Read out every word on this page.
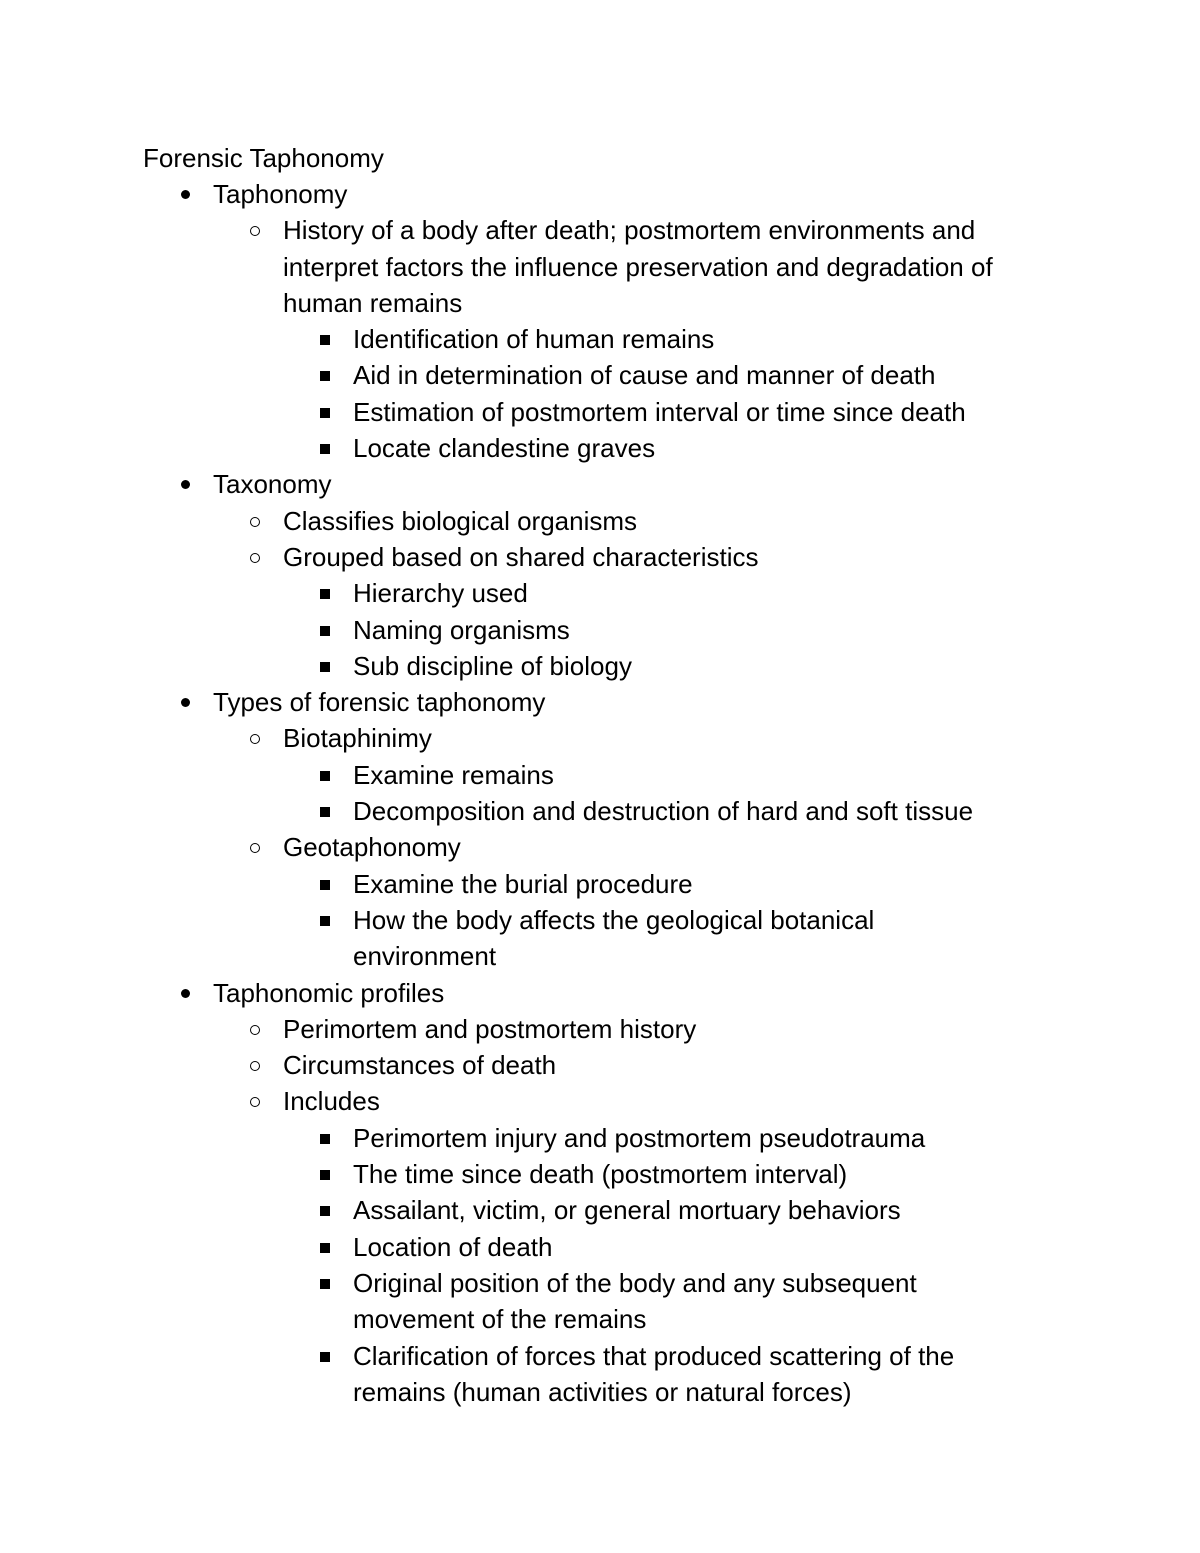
Forensic Taphonomy
Taphonomy
History of a body after death; postmortem environments and interpret factors the influence preservation and degradation of human remains
Identification of human remains
Aid in determination of cause and manner of death
Estimation of postmortem interval or time since death
Locate clandestine graves
Taxonomy
Classifies biological organisms
Grouped based on shared characteristics
Hierarchy used
Naming organisms
Sub discipline of biology
Types of forensic taphonomy
Biotaphinimy
Examine remains
Decomposition and destruction of hard and soft tissue
Geotaphonomy
Examine the burial procedure
How the body affects the geological botanical environment
Taphonomic profiles
Perimortem and postmortem history
Circumstances of death
Includes
Perimortem injury and postmortem pseudotrauma
The time since death (postmortem interval)
Assailant, victim, or general mortuary behaviors
Location of death
Original position of the body and any subsequent movement of the remains
Clarification of forces that produced scattering of the remains (human activities or natural forces)
